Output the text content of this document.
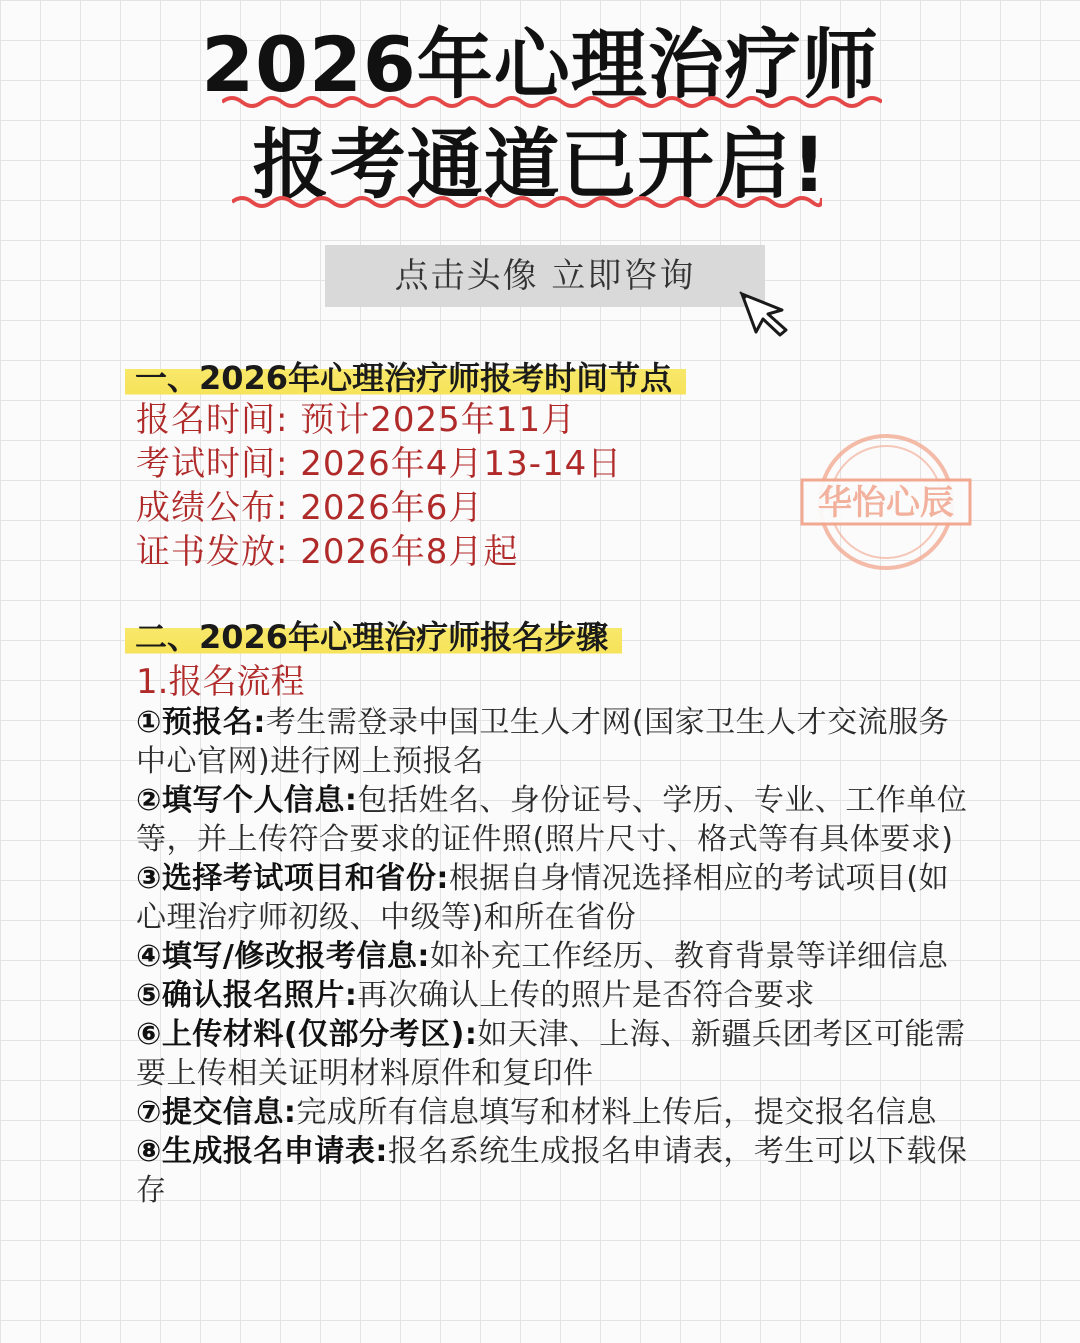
2026年心理治疗师
报考通道已开启!
点击头像 立即咨询
一、2026年心理治疗师报考时间节点
报名时间: 预计2025年11月
考试时间: 2026年4月13-14日
成绩公布: 2026年6月
证书发放: 2026年8月起
华怡心辰
二、2026年心理治疗师报名步骤
1.报名流程
①预报名:考生需登录中国卫生人才网(国家卫生人才交流服务中心官网)进行网上预报名
②填写个人信息:包括姓名、身份证号、学历、专业、工作单位等，并上传符合要求的证件照(照片尺寸、格式等有具体要求)
③选择考试项目和省份:根据自身情况选择相应的考试项目(如心理治疗师初级、中级等)和所在省份
④填写/修改报考信息:如补充工作经历、教育背景等详细信息
⑤确认报名照片:再次确认上传的照片是否符合要求
⑥上传材料(仅部分考区):如天津、上海、新疆兵团考区可能需要上传相关证明材料原件和复印件
⑦提交信息:完成所有信息填写和材料上传后，提交报名信息
⑧生成报名申请表:报名系统生成报名申请表，考生可以下载保存
